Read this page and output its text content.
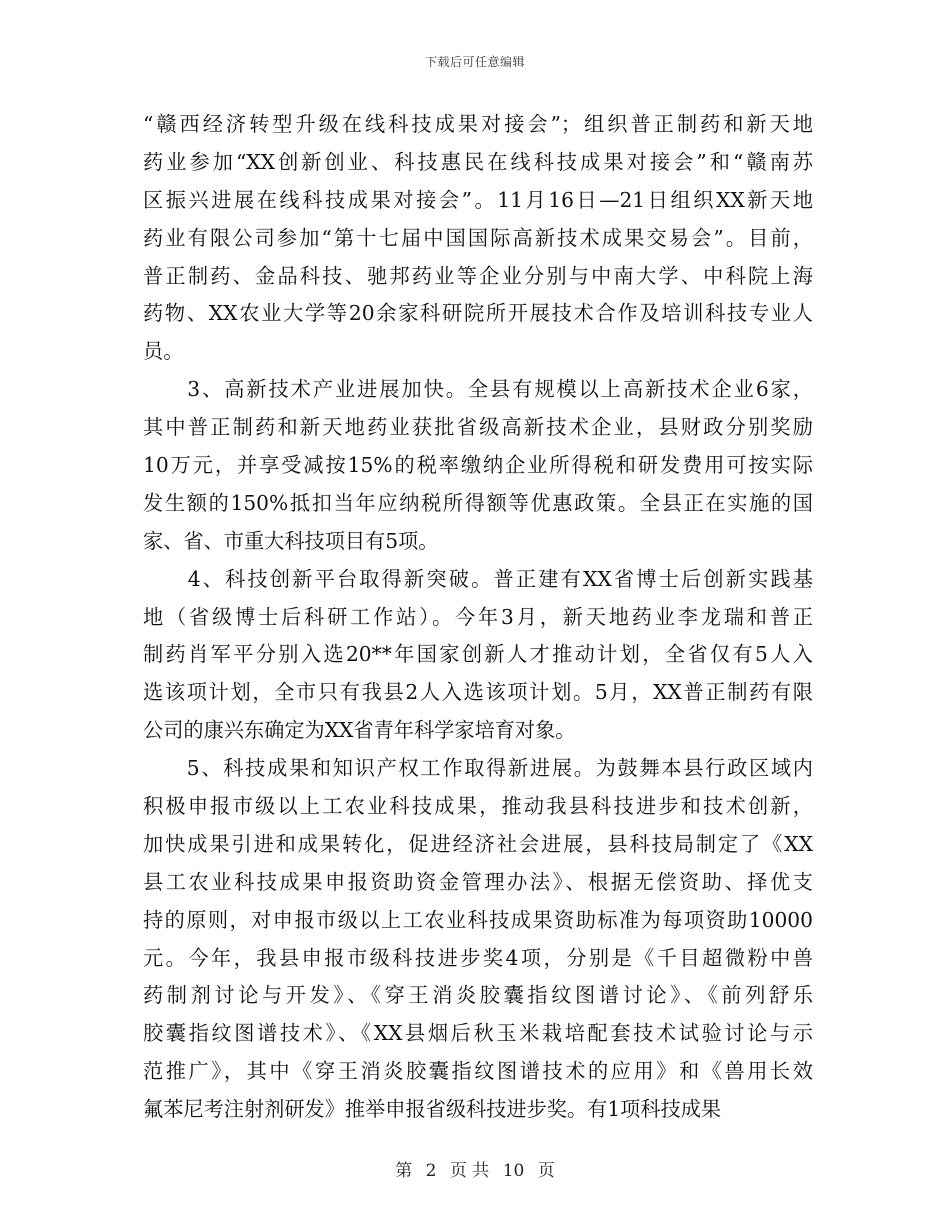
下载后可任意编辑
“赣西经济转型升级在线科技成果对接会”；组织普正制药和新天地
药业参加“XX创新创业、科技惠民在线科技成果对接会”和“赣南苏
区振兴进展在线科技成果对接会”。11月16日—21日组织XX新天地
药业有限公司参加“第十七届中国国际高新技术成果交易会”。目前，
普正制药、金品科技、驰邦药业等企业分别与中南大学、中科院上海
药物、XX农业大学等20余家科研院所开展技术合作及培训科技专业人
员。
　　3、高新技术产业进展加快。全县有规模以上高新技术企业6家，
其中普正制药和新天地药业获批省级高新技术企业，县财政分别奖励
10万元，并享受减按15%的税率缴纳企业所得税和研发费用可按实际
发生额的150%抵扣当年应纳税所得额等优惠政策。全县正在实施的国
家、省、市重大科技项目有5项。
　　4、科技创新平台取得新突破。普正建有XX省博士后创新实践基
地（省级博士后科研工作站）。今年3月，新天地药业李龙瑞和普正
制药肖军平分别入选20**年国家创新人才推动计划，全省仅有5人入
选该项计划，全市只有我县2人入选该项计划。5月，XX普正制药有限
公司的康兴东确定为XX省青年科学家培育对象。
　　5、科技成果和知识产权工作取得新进展。为鼓舞本县行政区域内
积极申报市级以上工农业科技成果，推动我县科技进步和技术创新，
加快成果引进和成果转化，促进经济社会进展，县科技局制定了《XX
县工农业科技成果申报资助资金管理办法》、根据无偿资助、择优支
持的原则，对申报市级以上工农业科技成果资助标准为每项资助10000
元。今年，我县申报市级科技进步奖4项，分别是《千目超微粉中兽
药制剂讨论与开发》、《穿王消炎胶囊指纹图谱讨论》、《前列舒乐
胶囊指纹图谱技术》、《XX县烟后秋玉米栽培配套技术试验讨论与示
范推广》，其中《穿王消炎胶囊指纹图谱技术的应用》和《兽用长效
氟苯尼考注射剂研发》推举申报省级科技进步奖。有1项科技成果
第 2 页 共 10 页
